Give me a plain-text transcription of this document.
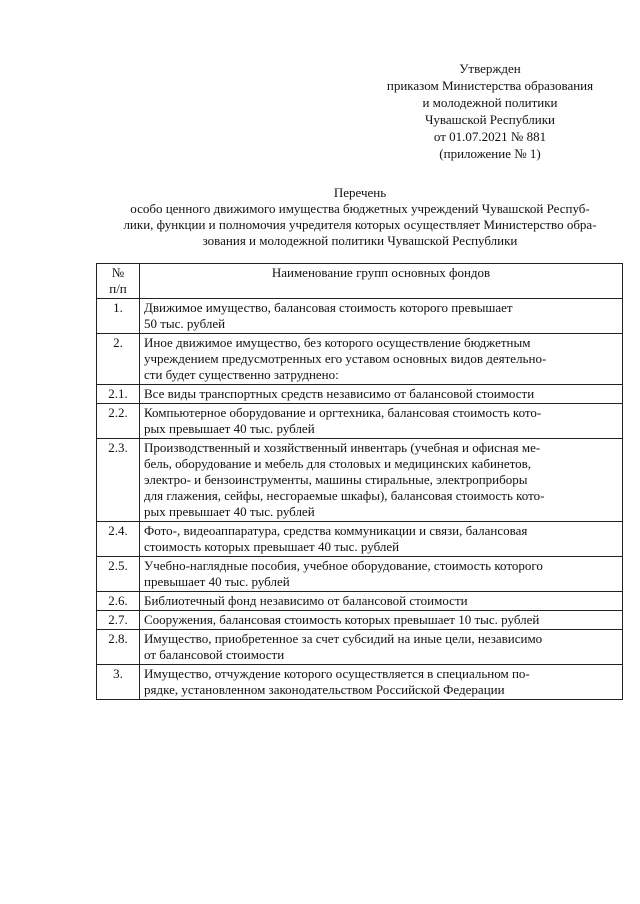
Утвержден
приказом Министерства образования
и молодежной политики
Чувашской Республики
от 01.07.2021 № 881
(приложение № 1)
Перечень
особо ценного движимого имущества бюджетных учреждений Чувашской Респуб-
лики, функции и полномочия учредителя которых осуществляет Министерство обра-
зования и молодежной политики Чувашской Республики
№
п/п	Наименование групп основных фондов
1.	Движимое имущество, балансовая стоимость которого превышает
50 тыс. рублей

2.	Иное движимое имущество, без которого осуществление бюджетным
учреждением предусмотренных его уставом основных видов деятельно-
сти будет существенно затруднено:

2.1.	Все виды транспортных средств независимо от балансовой стоимости

2.2.	Компьютерное оборудование и оргтехника, балансовая стоимость кото-
рых превышает 40 тыс. рублей

2.3.	Производственный и хозяйственный инвентарь (учебная и офисная ме-
бель, оборудование и мебель для столовых и медицинских кабинетов,
электро- и бензоинструменты, машины стиральные, электроприборы
для глажения, сейфы, несгораемые шкафы), балансовая стоимость кото-
рых превышает 40 тыс. рублей

2.4.	Фото-, видеоаппаратура, средства коммуникации и связи, балансовая
стоимость которых превышает 40 тыс. рублей

2.5.	Учебно-наглядные пособия, учебное оборудование, стоимость которого
превышает 40 тыс. рублей

2.6.	Библиотечный фонд независимо от балансовой стоимости

2.7.	Сооружения, балансовая стоимость которых превышает 10 тыс. рублей

2.8.	Имущество, приобретенное за счет субсидий на иные цели, независимо
от балансовой стоимости

3.	Имущество, отчуждение которого осуществляется в специальном по-
рядке, установленном законодательством Российской Федерации
